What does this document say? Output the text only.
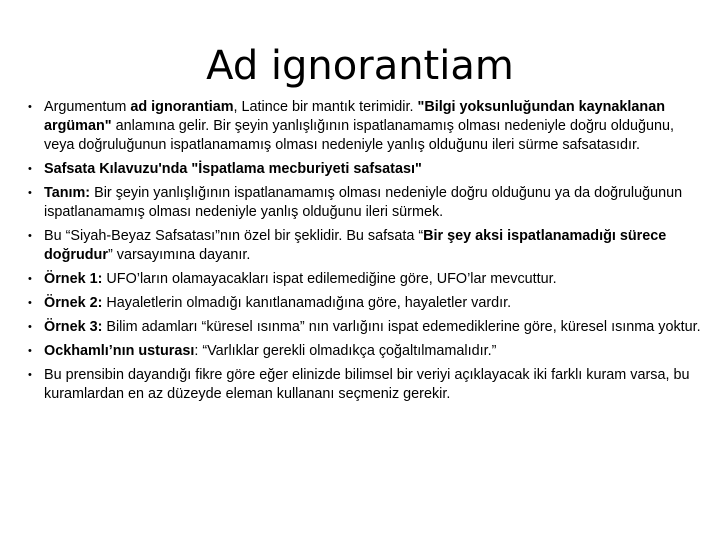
Ad ignorantiam
• Argumentum ad ignorantiam, Latince bir mantık terimidir. "Bilgi yoksunluğundan kaynaklanan argüman" anlamına gelir. Bir şeyin yanlışlığının ispatlanamamış olması nedeniyle doğru olduğunu, veya doğruluğunun ispatlanamamış olması nedeniyle yanlış olduğunu ileri sürme safsatasıdır.
• Safsata Kılavuzu'nda "İspatlama mecburiyeti safsatası"
• Tanım: Bir şeyin yanlışlığının ispatlanamamış olması nedeniyle doğru olduğunu ya da doğruluğunun ispatlanamamış olması nedeniyle yanlış olduğunu ileri sürmek.
• Bu “Siyah-Beyaz Safsatası”nın özel bir şeklidir. Bu safsata “Bir şey aksi ispatlanamadığı sürece doğrudur” varsayımına dayanır.
• Örnek 1: UFO’ların olamayacakları ispat edilemediğine göre, UFO’lar mevcuttur.
• Örnek 2: Hayaletlerin olmadığı kanıtlanamadığına göre, hayaletler vardır.
• Örnek 3: Bilim adamları “küresel ısınma” nın varlığını ispat edemediklerine göre, küresel ısınma yoktur.
• Ockhamlı’nın usturası: “Varlıklar gerekli olmadıkça çoğaltılmamalıdır.”
• Bu prensibin dayandığı fikre göre eğer elinizde bilimsel bir veriyi açıklayacak iki farklı kuram varsa, bu kuramlardan en az düzeyde eleman kullananı seçmeniz gerekir.
